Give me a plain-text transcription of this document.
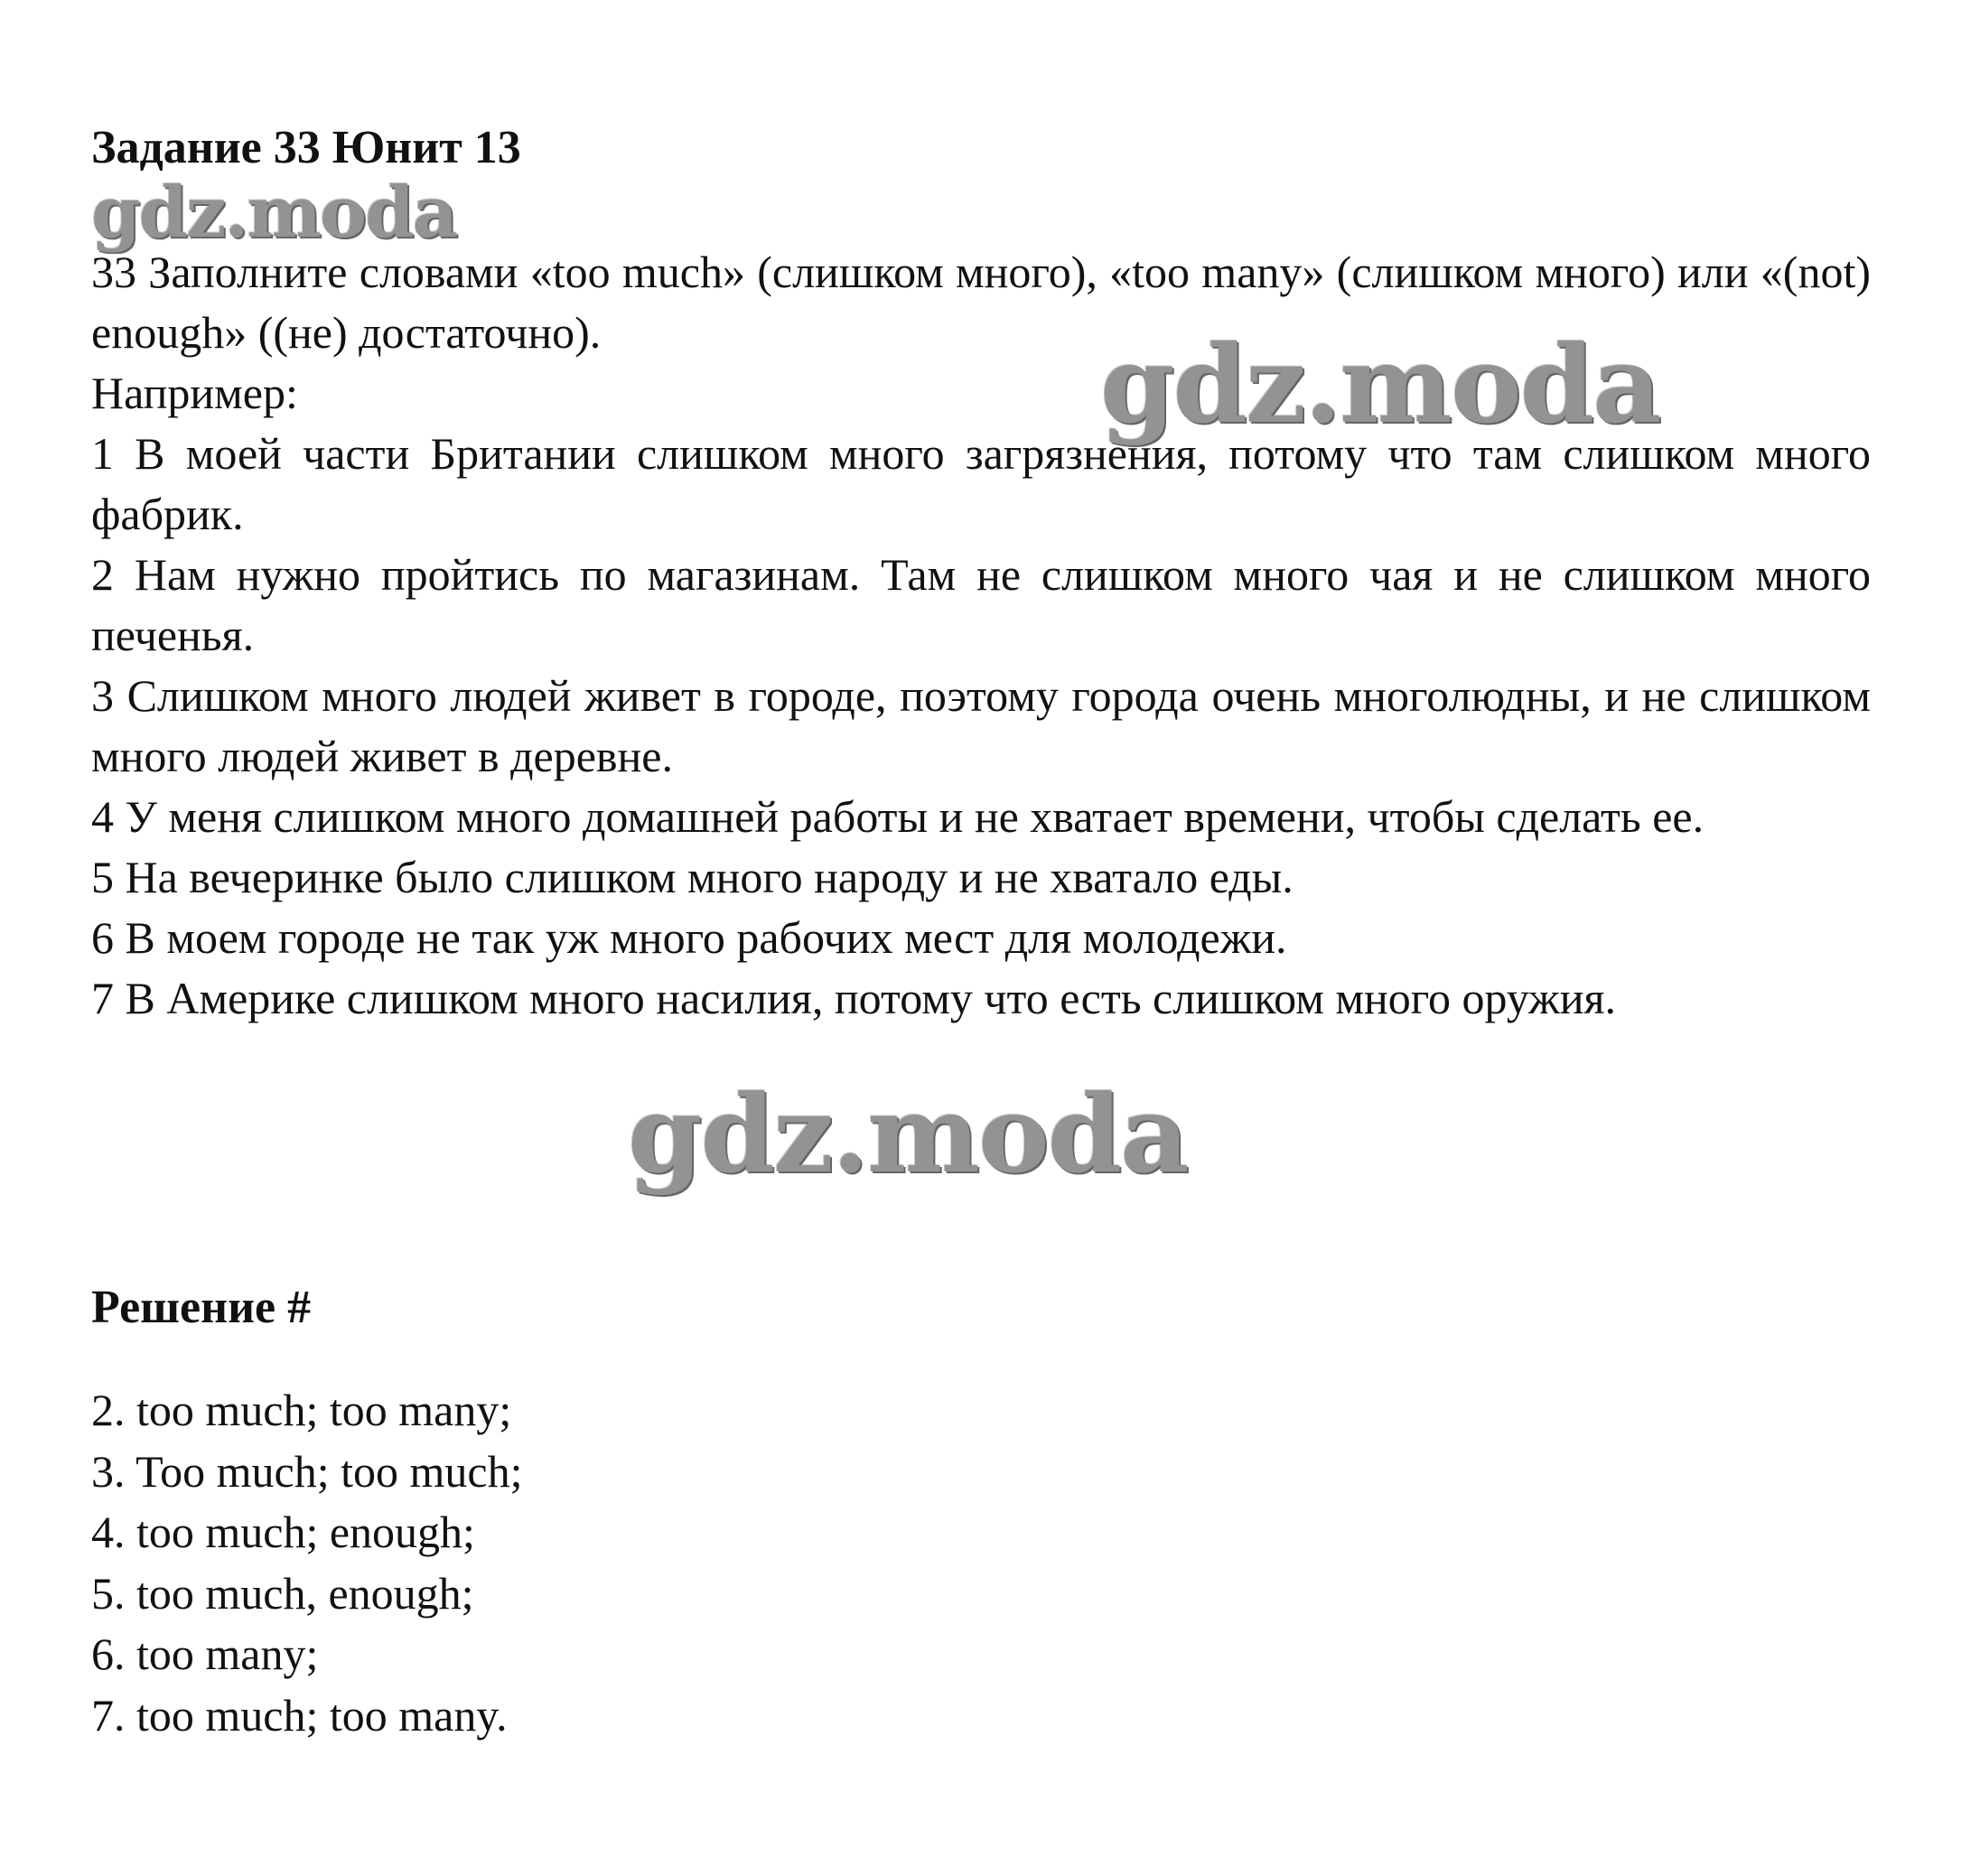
Задание 33 Юнит 13

33 Заполните словами «too much» (слишком много), «too many» (слишком много) или «(not) enough» ((не) достаточно).

Например:

1 В моей части Британии слишком много загрязнения, потому что там слишком много фабрик.

2 Нам нужно пройтись по магазинам. Там не слишком много чая и не слишком много печенья.

3 Слишком много людей живет в городе, поэтому города очень многолюдны, и не слишком много людей живет в деревне.

4 У меня слишком много домашней работы и не хватает времени, чтобы сделать ее.

5 На вечеринке было слишком много народу и не хватало еды.

6 В моем городе не так уж много рабочих мест для молодежи.

7 В Америке слишком много насилия, потому что есть слишком много оружия.

Решение #
2. too much; too many;
3. Too much; too much;
4. too much; enough;
5. too much, enough;
6. too many;
7. too much; too many.
gdz.moda
gdz.moda
gdz.moda
